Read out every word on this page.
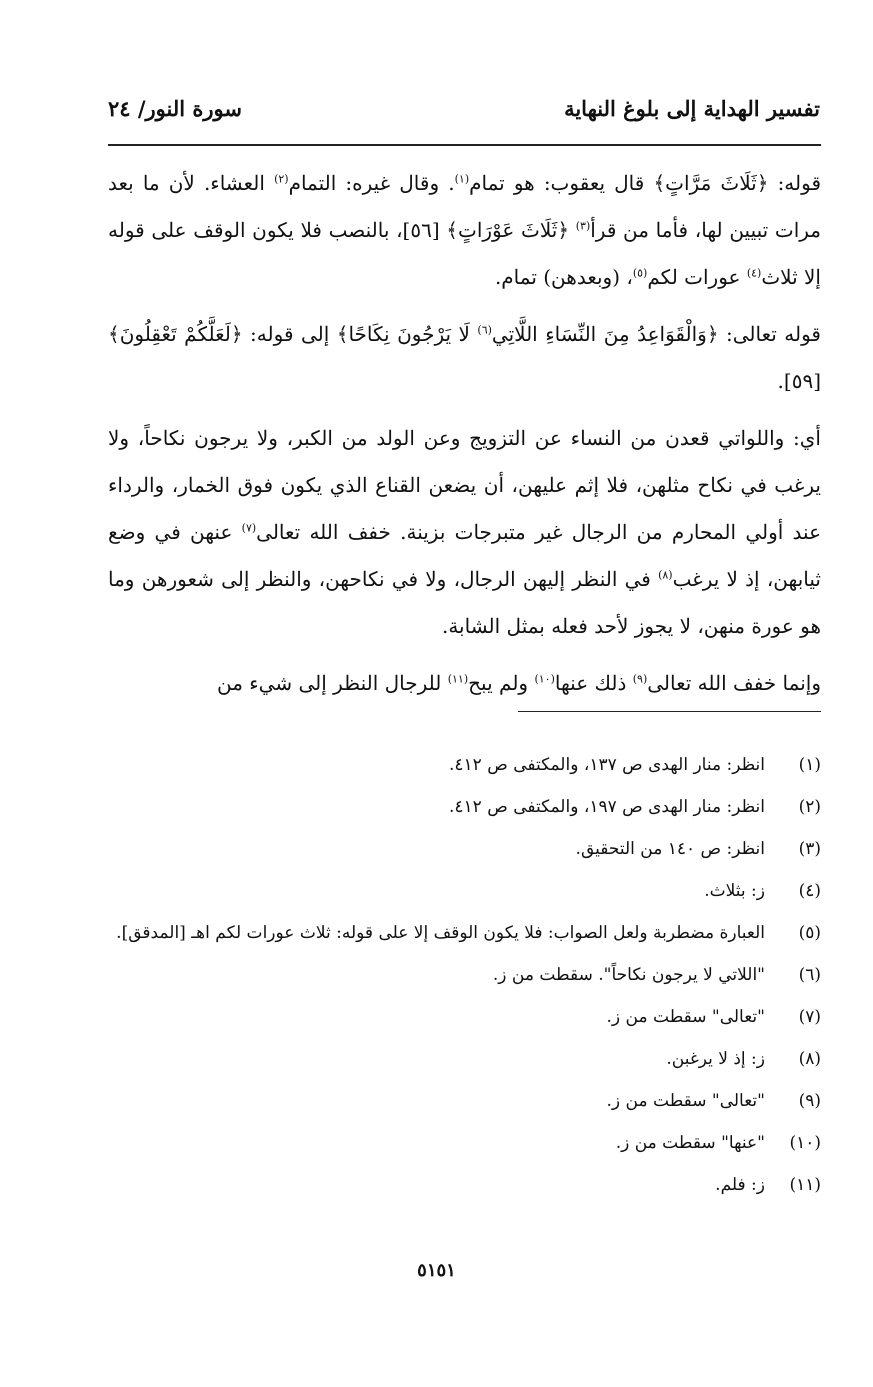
تفسير الهداية إلى بلوغ النهاية
سورة النور/ ٢٤

قوله: ﴿ثَلَاثَ مَرَّاتٍ﴾ قال يعقوب: هو تمام$^{(١)}$. وقال غيره: التمام$^{(٢)}$ العشاء. لأن ما بعد مرات تبيين لها، فأما من قرأ$^{(٣)}$ ﴿ثَلَاثَ عَوْرَاتٍ﴾ [٥٦]، بالنصب فلا يكون الوقف على قوله إلا ثلاث$^{(٤)}$ عورات لكم$^{(٥)}$، (وبعدهن) تمام.

قوله تعالى: ﴿وَالْقَوَاعِدُ مِنَ النِّسَاءِ اللَّاتِي$^{(٦)}$ لَا يَرْجُونَ نِكَاحًا﴾ إلى قوله: ﴿لَعَلَّكُمْ تَعْقِلُونَ﴾ [٥٩].

أي: واللواتي قعدن من النساء عن التزويج وعن الولد من الكبر، ولا يرجون نكاحاً، ولا يرغب في نكاح مثلهن، فلا إثم عليهن، أن يضعن القناع الذي يكون فوق الخمار، والرداء عند أولي المحارم من الرجال غير متبرجات بزينة. خفف الله تعالى$^{(٧)}$ عنهن في وضع ثيابهن، إذ لا يرغب$^{(٨)}$ في النظر إليهن الرجال، ولا في نكاحهن، والنظر إلى شعورهن وما هو عورة منهن، لا يجوز لأحد فعله بمثل الشابة.

وإنما خفف الله تعالى$^{(٩)}$ ذلك عنها$^{(١٠)}$ ولم يبح$^{(١١)}$ للرجال النظر إلى شيء من

(١)
انظر: منار الهدى ص ١٣٧، والمكتفى ص ٤١٢.
(٢)
انظر: منار الهدى ص ١٩٧، والمكتفى ص ٤١٢.
(٣)
انظر: ص ١٤٠ من التحقيق.
(٤)
ز: بثلاث.
(٥)
العبارة مضطربة ولعل الصواب: فلا يكون الوقف إلا على قوله: ثلاث عورات لكم اهـ [المدقق].
(٦)
"اللاتي لا يرجون نكاحاً". سقطت من ز.
(٧)
"تعالى" سقطت من ز.
(٨)
ز: إذ لا يرغبن.
(٩)
"تعالى" سقطت من ز.
(١٠)
"عنها" سقطت من ز.
(١١)
ز: فلم.
٥١٥١
